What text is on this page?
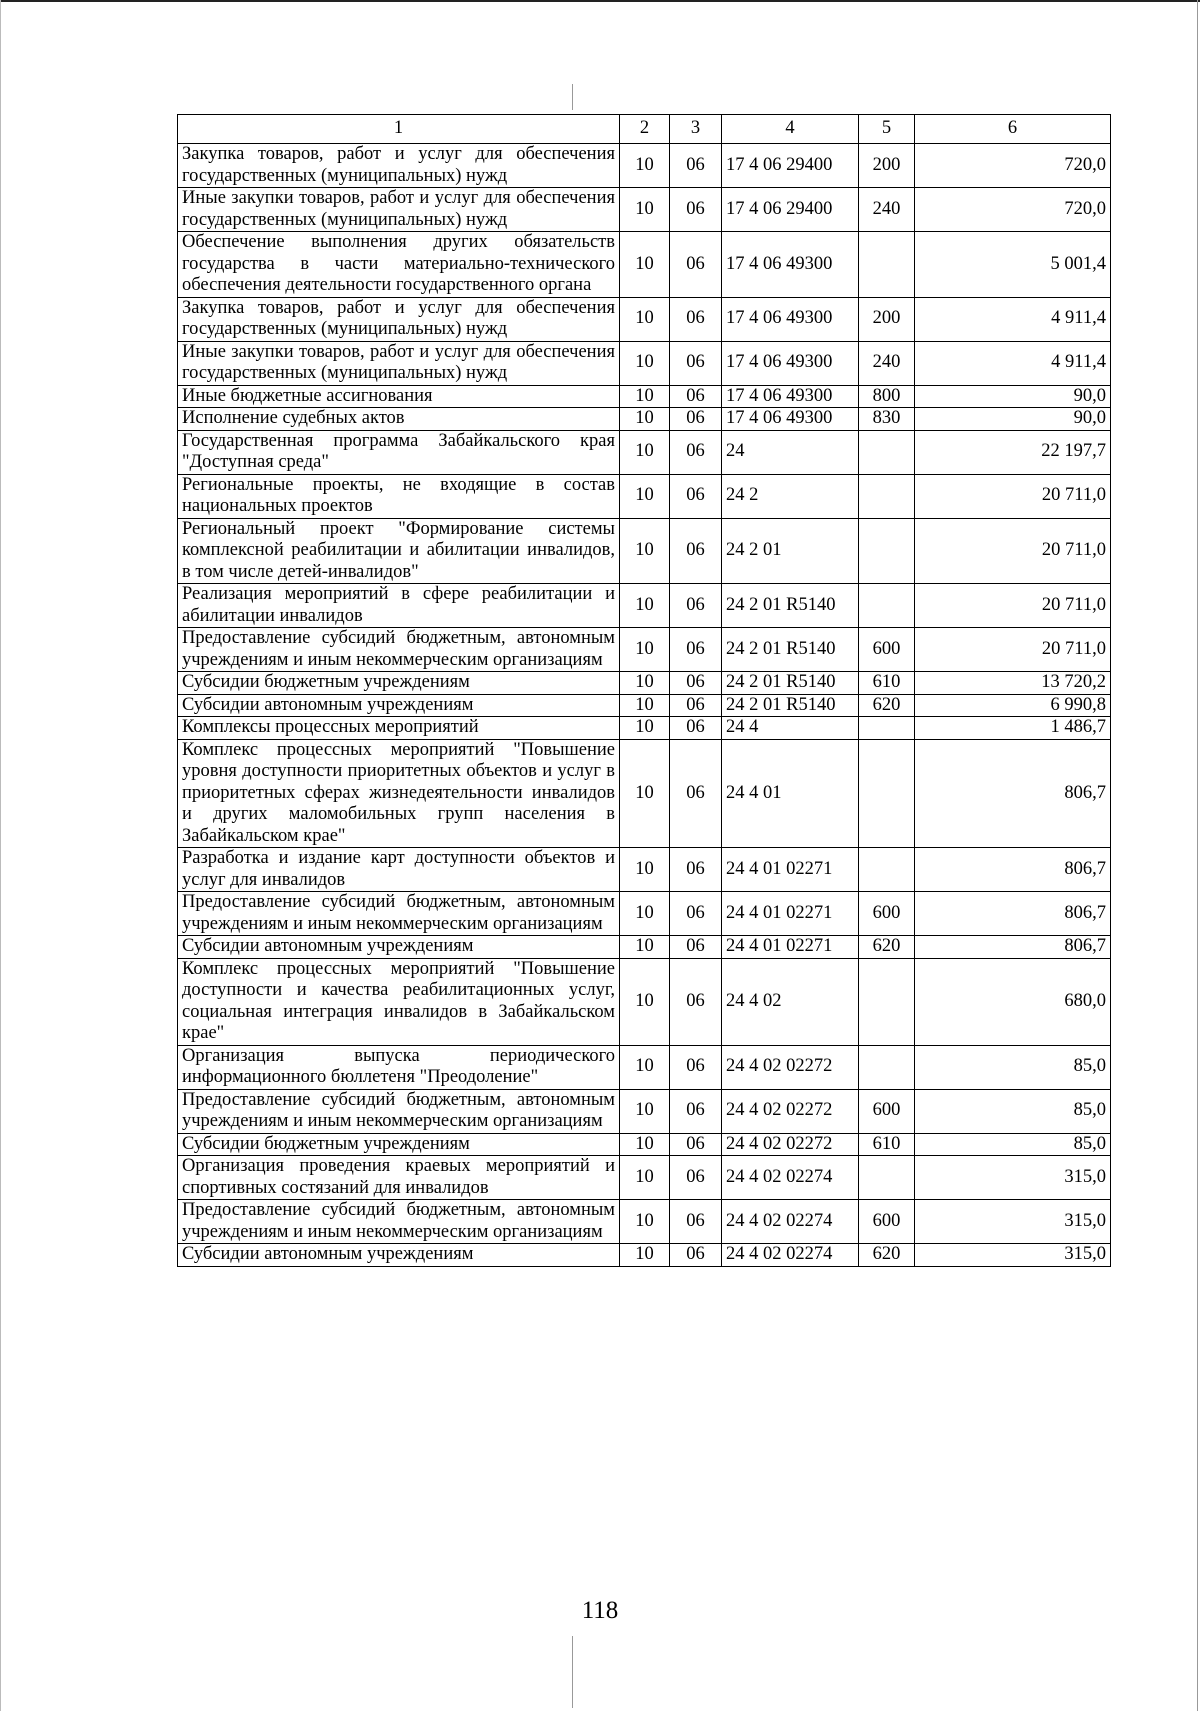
1	2	3	4	5	6
Закупка товаров, работ и услуг для обеспечения государственных (муниципальных) нужд	10	06	17 4 06 29400	200	720,0
Иные закупки товаров, работ и услуг для обеспечения государственных (муниципальных) нужд	10	06	17 4 06 29400	240	720,0
Обеспечение выполнения других обязательств государства в части материально-технического обеспечения деятельности государственного органа	10	06	17 4 06 49300		5 001,4
Закупка товаров, работ и услуг для обеспечения государственных (муниципальных) нужд	10	06	17 4 06 49300	200	4 911,4
Иные закупки товаров, работ и услуг для обеспечения государственных (муниципальных) нужд	10	06	17 4 06 49300	240	4 911,4
Иные бюджетные ассигнования	10	06	17 4 06 49300	800	90,0
Исполнение судебных актов	10	06	17 4 06 49300	830	90,0
Государственная программа Забайкальского края "Доступная среда"	10	06	24		22 197,7
Региональные проекты, не входящие в состав национальных проектов	10	06	24 2		20 711,0
Региональный проект "Формирование системы комплексной реабилитации и абилитации инвалидов, в том числе детей-инвалидов"	10	06	24 2 01		20 711,0
Реализация мероприятий в сфере реабилитации и абилитации инвалидов	10	06	24 2 01 R5140		20 711,0
Предоставление субсидий бюджетным, автономным учреждениям и иным некоммерческим организациям	10	06	24 2 01 R5140	600	20 711,0
Субсидии бюджетным учреждениям	10	06	24 2 01 R5140	610	13 720,2
Субсидии автономным учреждениям	10	06	24 2 01 R5140	620	6 990,8
Комплексы процессных мероприятий	10	06	24 4		1 486,7
Комплекс процессных мероприятий "Повышение уровня доступности приоритетных объектов и услуг в приоритетных сферах жизнедеятельности инвалидов и других маломобильных групп населения в Забайкальском крае"	10	06	24 4 01		806,7
Разработка и издание карт доступности объектов и услуг для инвалидов	10	06	24 4 01 02271		806,7
Предоставление субсидий бюджетным, автономным учреждениям и иным некоммерческим организациям	10	06	24 4 01 02271	600	806,7
Субсидии автономным учреждениям	10	06	24 4 01 02271	620	806,7
Комплекс процессных мероприятий "Повышение доступности и качества реабилитационных услуг, социальная интеграция инвалидов в Забайкальском крае"	10	06	24 4 02		680,0
Организация выпуска периодического информационного бюллетеня "Преодоление"	10	06	24 4 02 02272		85,0
Предоставление субсидий бюджетным, автономным учреждениям и иным некоммерческим организациям	10	06	24 4 02 02272	600	85,0
Субсидии бюджетным учреждениям	10	06	24 4 02 02272	610	85,0
Организация проведения краевых мероприятий и спортивных состязаний для инвалидов	10	06	24 4 02 02274		315,0
Предоставление субсидий бюджетным, автономным учреждениям и иным некоммерческим организациям	10	06	24 4 02 02274	600	315,0
Субсидии автономным учреждениям	10	06	24 4 02 02274	620	315,0
118
